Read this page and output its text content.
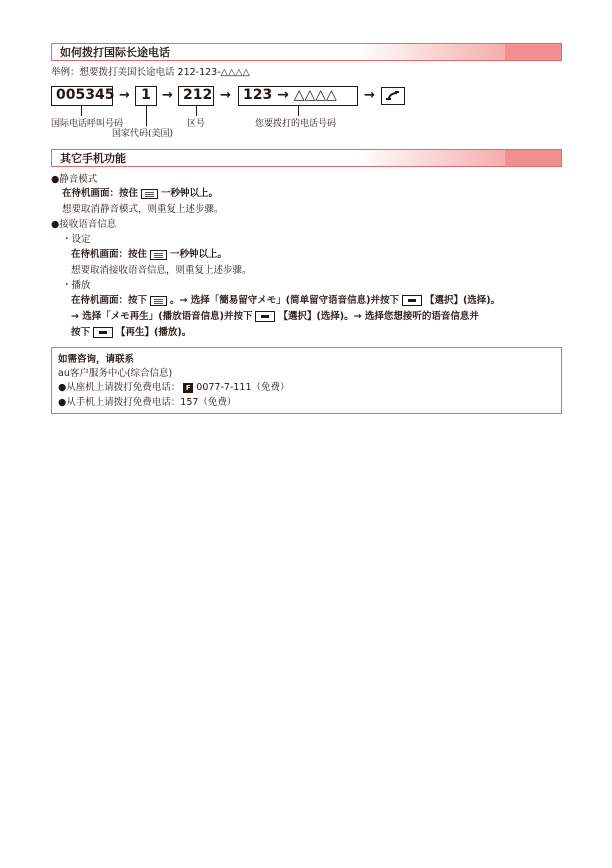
如何拨打国际长途电话
举例：想要拨打美国长途电话 212-123-△△△△
005345 → 1 → 212 → 123 → △△△△	→
国际电话呼叫号码
国家代码(美国)
区号	您要拨打的电话号码
其它手机功能
●静音模式
在待机画面：按住 一秒钟以上。
想要取消静音模式，则重复上述步骤。
●接收语音信息
・设定
在待机画面：按住 一秒钟以上。
想要取消接收语音信息，则重复上述步骤。
・播放
在待机画面：按下 。→ 选择「簡易留守メモ」(简单留守语音信息)并按下	【選択】(选择)。
→ 选择「メモ再生」(播放语音信息)并按下	【選択】(选择)。→ 选择您想接听的语音信息并
按下	【再生】(播放)。
如需咨询，请联系
au客户服务中心(综合信息)
●从座机上请拨打免费电话： F 0077-7-111（免费）
●从手机上请拨打免费电话：157（免费）
